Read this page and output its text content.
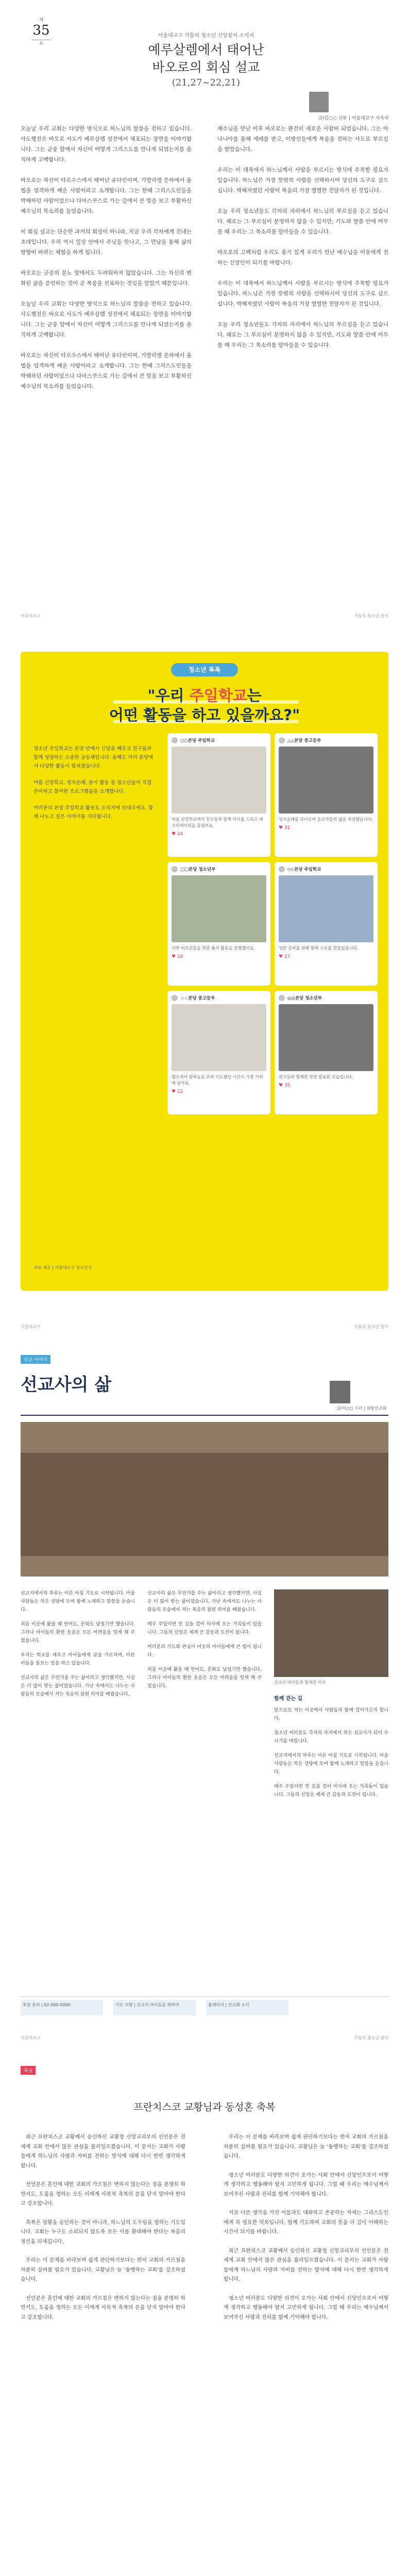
제
35
호
서울대교구 가톨릭 청소년 신앙잡지 소식지
예루살렘에서 태어난
바오로의 회심 설교
(21,27~22,21)
글/김○○ 신부 | 서울대교구 사목국

오늘날 우리 교회는 다양한 방식으로 하느님의 말씀을 전하고 있습니다. 사도행전은 바오로 사도가 예루살렘 성전에서 체포되는 장면을 이야기합니다. 그는 군중 앞에서 자신이 어떻게 그리스도를 만나게 되었는지를 솔직하게 고백합니다.

바오로는 자신이 타르수스에서 태어난 유다인이며, 가말리엘 문하에서 율법을 엄격하게 배운 사람이라고 소개합니다. 그는 한때 그리스도인들을 박해하던 사람이었으나 다마스쿠스로 가는 길에서 큰 빛을 보고 부활하신 예수님의 목소리를 들었습니다.

이 회심 설교는 단순한 과거의 회상이 아니라, 지금 우리 각자에게 건네는 초대입니다. 우리 역시 일상 안에서 주님을 만나고, 그 만남을 통해 삶의 방향이 바뀌는 체험을 하게 됩니다.

바오로는 군중의 분노 앞에서도 두려워하지 않았습니다. 그는 자신의 변화된 삶을 증언하는 것이 곧 복음을 선포하는 것임을 알았기 때문입니다.

오늘날 우리 교회는 다양한 방식으로 하느님의 말씀을 전하고 있습니다. 사도행전은 바오로 사도가 예루살렘 성전에서 체포되는 장면을 이야기합니다. 그는 군중 앞에서 자신이 어떻게 그리스도를 만나게 되었는지를 솔직하게 고백합니다.

바오로는 자신이 타르수스에서 태어난 유다인이며, 가말리엘 문하에서 율법을 엄격하게 배운 사람이라고 소개합니다. 그는 한때 그리스도인들을 박해하던 사람이었으나 다마스쿠스로 가는 길에서 큰 빛을 보고 부활하신 예수님의 목소리를 들었습니다.

예수님을 만난 이후 바오로는 완전히 새로운 사람이 되었습니다. 그는 아나니아를 통해 세례를 받고, 이방인들에게 복음을 전하는 사도로 부르심을 받았습니다.

우리는 이 대목에서 하느님께서 사람을 부르시는 방식에 주목할 필요가 있습니다. 하느님은 가장 뜻밖의 사람을 선택하시어 당신의 도구로 삼으십니다. 박해자였던 사람이 복음의 가장 열렬한 전달자가 된 것입니다.

오늘 우리 청소년들도 각자의 자리에서 하느님의 부르심을 듣고 있습니다. 때로는 그 부르심이 분명하지 않을 수 있지만, 기도와 말씀 안에 머무를 때 우리는 그 목소리를 알아들을 수 있습니다.

바오로의 고백처럼 우리도 용기 있게 우리가 만난 예수님을 이웃에게 전하는 신앙인이 되기를 바랍니다.

우리는 이 대목에서 하느님께서 사람을 부르시는 방식에 주목할 필요가 있습니다. 하느님은 가장 뜻밖의 사람을 선택하시어 당신의 도구로 삼으십니다. 박해자였던 사람이 복음의 가장 열렬한 전달자가 된 것입니다.

오늘 우리 청소년들도 각자의 자리에서 하느님의 부르심을 듣고 있습니다. 때로는 그 부르심이 분명하지 않을 수 있지만, 기도와 말씀 안에 머무를 때 우리는 그 목소리를 알아들을 수 있습니다.

서울대교구	가톨릭 청소년 잡지
청소년 톡톡
"우리 주일학교는
어떤 활동을 하고 있을까요?"

청소년 주일학교는 본당 안에서 신앙을 배우고 친구들과 함께 성장하는 소중한 공동체입니다. 올해도 여러 본당에서 다양한 활동이 펼쳐졌습니다.

여름 신앙학교, 성지순례, 봉사 활동 등 청소년들이 직접 준비하고 참여한 프로그램들을 소개합니다.

여러분의 본당 주일학교 활동도 소식지에 보내주세요. 함께 나누고 싶은 이야기를 기다립니다.

○○본당 주일학교
여름 신앙학교에서 친구들과 함께 미사를 드리고 레크리에이션을 즐겼어요.
♥ 24
△△본당 중고등부
성지순례를 다녀오며 순교자들의 삶을 묵상했습니다.
♥ 31
□□본당 청소년부
지역 어르신들을 위한 봉사 활동을 진행했어요.
♥ 18
◇◇본당 주일학교
성탄 준비를 위해 함께 구유를 만들었습니다.
♥ 27
☆☆본당 중고등부
캠프에서 밤하늘을 보며 기도했던 시간이 가장 기억에 남아요.
♥ 22
◎◎본당 청소년부
친구들과 함께한 찬양 발표회 모습입니다.
♥ 35
자료 제공 | 서울대교구 청소년국
서울대교구	가톨릭 청소년 잡지
선교 이야기
선교사의 삶
글/이○○ 수녀 | 외방선교회

선교지에서의 하루는 이른 아침 기도로 시작됩니다. 마을 사람들은 작은 성당에 모여 함께 노래하고 말씀을 듣습니다.

처음 이곳에 왔을 때 언어도, 문화도 낯설기만 했습니다. 그러나 아이들의 환한 웃음은 모든 어려움을 잊게 해 주었습니다.

우리는 학교를 세우고 아이들에게 글을 가르치며, 아픈 이들을 돌보는 일을 하고 있습니다.

선교사의 삶은 무언가를 주는 삶이라고 생각했지만, 사실은 더 많이 받는 삶이었습니다. 가난 속에서도 나누는 사람들의 모습에서 저는 복음의 참된 의미를 배웠습니다.

선교사의 삶은 무언가를 주는 삶이라고 생각했지만, 사실은 더 많이 받는 삶이었습니다. 가난 속에서도 나누는 사람들의 모습에서 저는 복음의 참된 의미를 배웠습니다.

매주 주일이면 먼 길을 걸어 미사에 오는 가족들이 있습니다. 그들의 신앙은 제게 큰 감동과 도전이 됩니다.

여러분의 기도와 관심이 이곳의 아이들에게 큰 힘이 됩니다.

처음 이곳에 왔을 때 언어도, 문화도 낯설기만 했습니다. 그러나 아이들의 환한 웃음은 모든 어려움을 잊게 해 주었습니다.

선교지 아이들과 함께한 미사

함께 걷는 길

앞으로도 저는 이곳에서 사람들과 함께 걸어가고자 합니다.

청소년 여러분도 각자의 자리에서 작은 선교사가 되어 주시기를 바랍니다.

선교지에서의 하루는 이른 아침 기도로 시작됩니다. 마을 사람들은 작은 성당에 모여 함께 노래하고 말씀을 듣습니다.

매주 주일이면 먼 길을 걸어 미사에 오는 가족들이 있습니다. 그들의 신앙은 제게 큰 감동과 도전이 됩니다.

후원 문의 | 02-000-0000	기도 지향 | 선교지 아이들을 위하여	홈페이지 | 선교회 소식
서울대교구	가톨릭 청소년 잡지
묵상
프란치스코 교황님과 동성혼 축복

최근 프란치스코 교황께서 승인하신 교황청 신앙교리부의 선언문은 전 세계 교회 안에서 많은 관심을 불러일으켰습니다. 이 문서는 교회가 사람들에게 하느님의 사랑과 자비를 전하는 방식에 대해 다시 한번 생각하게 합니다.

선언문은 혼인에 대한 교회의 가르침은 변하지 않는다는 점을 분명히 하면서도, 도움을 청하는 모든 이에게 사목적 축복의 문을 닫지 말아야 한다고 강조합니다.

축복은 상황을 승인하는 것이 아니라, 하느님의 도우심을 청하는 기도입니다. 교회는 누구도 소외되지 않도록 모든 이를 환대해야 한다는 복음의 정신을 되새깁니다.

우리는 이 문제를 바라보며 쉽게 판단하기보다는 먼저 교회의 가르침을 차분히 살펴볼 필요가 있습니다. 교황님은 늘 '동행하는 교회'를 강조하셨습니다.

선언문은 혼인에 대한 교회의 가르침은 변하지 않는다는 점을 분명히 하면서도, 도움을 청하는 모든 이에게 사목적 축복의 문을 닫지 말아야 한다고 강조합니다.

우리는 이 문제를 바라보며 쉽게 판단하기보다는 먼저 교회의 가르침을 차분히 살펴볼 필요가 있습니다. 교황님은 늘 '동행하는 교회'를 강조하셨습니다.

청소년 여러분도 다양한 의견이 오가는 사회 안에서 신앙인으로서 어떻게 생각하고 행동해야 할지 고민하게 됩니다. 그럴 때 우리는 예수님께서 보여주신 사랑과 진리를 함께 기억해야 합니다.

서로 다른 생각을 가진 이들과도 대화하고 존중하는 자세는 그리스도인에게 꼭 필요한 덕목입니다. 함께 기도하며 교회의 뜻을 더 깊이 이해하는 시간이 되기를 바랍니다.

최근 프란치스코 교황께서 승인하신 교황청 신앙교리부의 선언문은 전 세계 교회 안에서 많은 관심을 불러일으켰습니다. 이 문서는 교회가 사람들에게 하느님의 사랑과 자비를 전하는 방식에 대해 다시 한번 생각하게 합니다.

청소년 여러분도 다양한 의견이 오가는 사회 안에서 신앙인으로서 어떻게 생각하고 행동해야 할지 고민하게 됩니다. 그럴 때 우리는 예수님께서 보여주신 사랑과 진리를 함께 기억해야 합니다.
